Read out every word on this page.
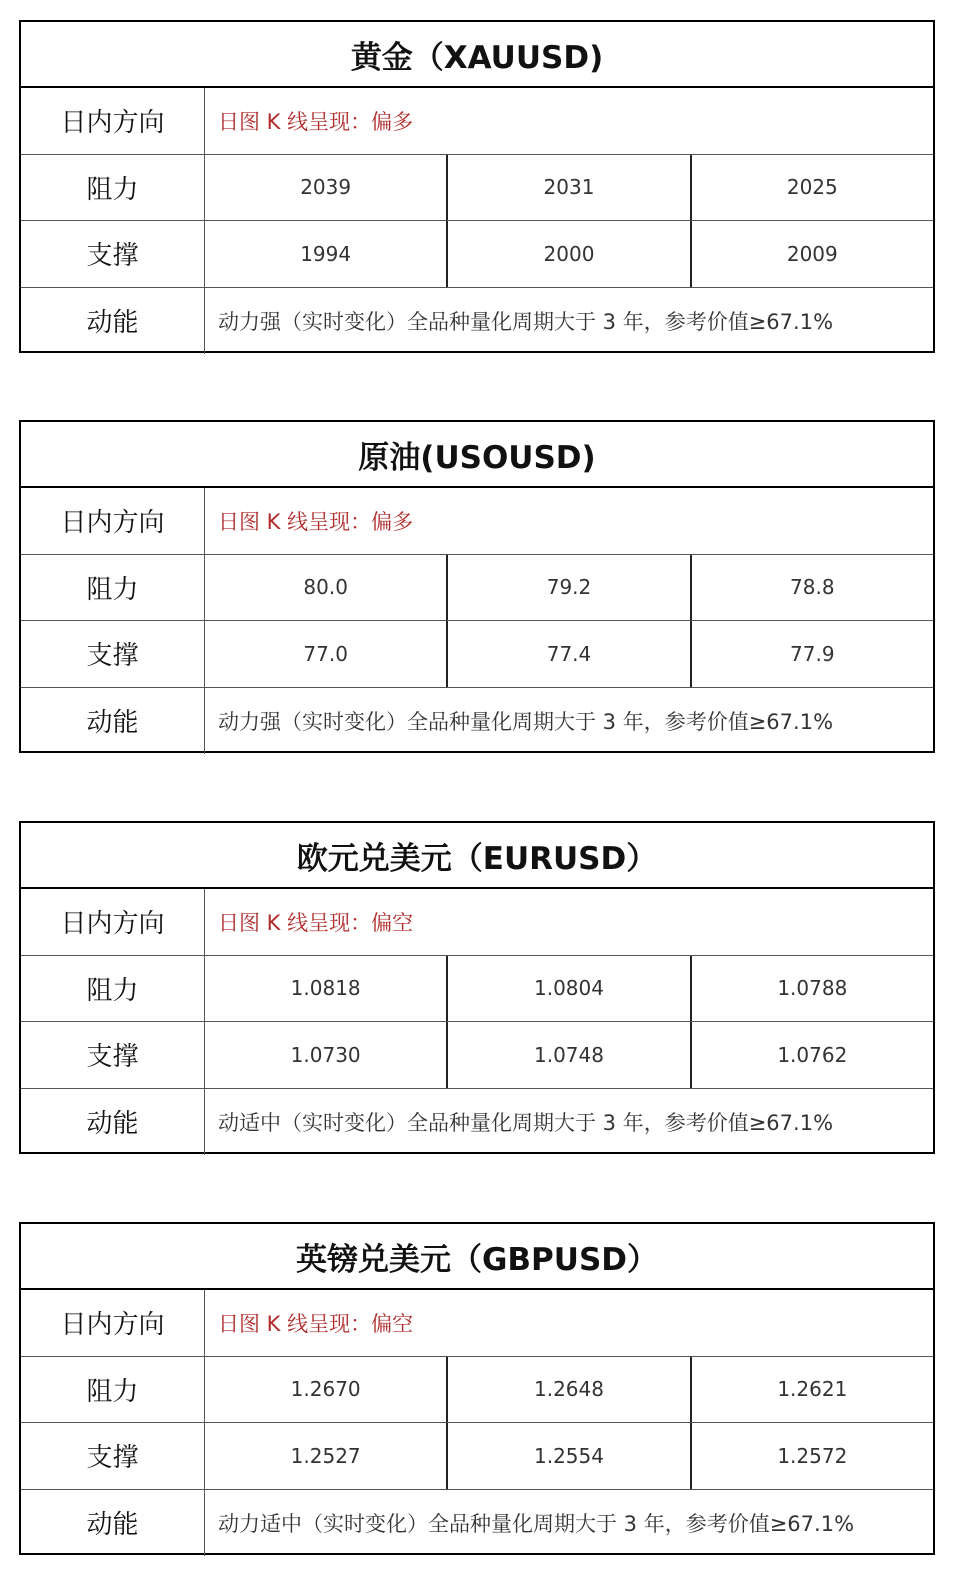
黄金（XAUUSD)
日内方向	日图 K 线呈现：偏多
阻力	2039	2031	2025
支撑	1994	2000	2009
动能	动力强（实时变化）全品种量化周期大于 3 年，参考价值≥67.1%
原油(USOUSD)
日内方向	日图 K 线呈现：偏多
阻力	80.0	79.2	78.8
支撑	77.0	77.4	77.9
动能	动力强（实时变化）全品种量化周期大于 3 年，参考价值≥67.1%
欧元兑美元（EURUSD）
日内方向	日图 K 线呈现：偏空
阻力	1.0818	1.0804	1.0788
支撑	1.0730	1.0748	1.0762
动能	动适中（实时变化）全品种量化周期大于 3 年，参考价值≥67.1%
英镑兑美元（GBPUSD）
日内方向	日图 K 线呈现：偏空
阻力	1.2670	1.2648	1.2621
支撑	1.2527	1.2554	1.2572
动能	动力适中（实时变化）全品种量化周期大于 3 年，参考价值≥67.1%
